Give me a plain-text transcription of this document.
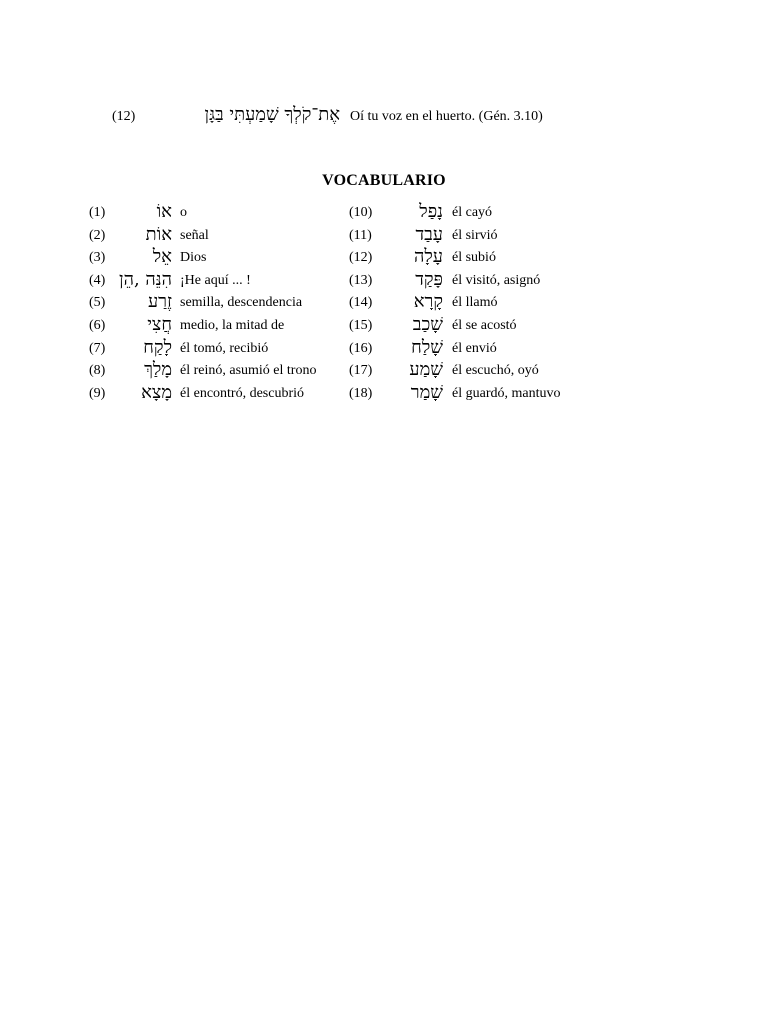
(12)	אֶת־קֹלְךָ שָׁמַעְתִּי בַּגָּן Oí tu voz en el huerto. (Gén. 3.10)
VOCABULARIO
(1)	אוֹ o
(2) אוֹת señal
(3)	אֵל Dios
(4) הִנֵּה ,הֵן ¡He aquí ... !
(5) זֶרַע semilla, descendencia
(6) חֲצִי medio, la mitad de
(7) לָקַח él tomó, recibió
(8) מָלַךְ él reinó, asumió el trono
(9) מָצָא él encontró, descubrió
(10)	נָפַל él cayó
(11) עָבַד él sirvió
(12) עָלָה él subió
(13) פָּקַד él visitó, asignó
(14) קָרָא él llamó
(15) שָׁכַב él se acostó
(16) שָׁלַח él envió
(17) שָׁמַע él escuchó, oyó
(18) שָׁמַר él guardó, mantuvo
